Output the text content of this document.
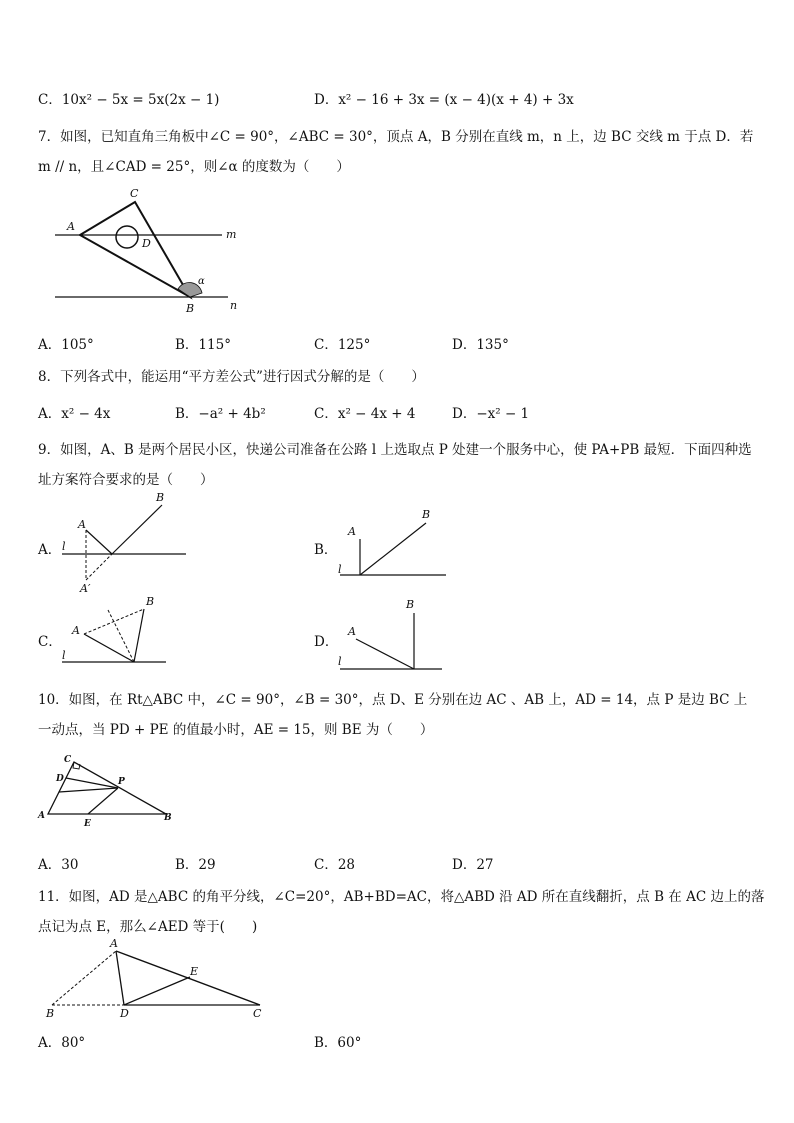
C．10x² − 5x = 5x(2x − 1)	D．x² − 16 + 3x = (x − 4)(x + 4) + 3x
7．如图，已知直角三角板中∠C = 90°，∠ABC = 30°，顶点 A，B 分别在直线 m，n 上，边 BC 交线 m 于点 D．若
m // n，且∠CAD = 25°，则∠α 的度数为（　　）
A
C
D
m
α
B	n
A．105°	B．115°	C．125°	D．135°
8．下列各式中，能运用“平方差公式”进行因式分解的是（　　）
A．x² − 4x	B．−a² + 4b²	C．x² − 4x + 4	D．−x² − 1
9．如图，A、B 是两个居民小区，快递公司准备在公路 l 上选取点 P 处建一个服务中心，使 PA+PB 最短．下面四种选
址方案符合要求的是（　　）
A．
A
B
l
A′
B．
A
B
l
C．
A
B
l
D．
A
B
l
10．如图，在 Rt△ABC 中，∠C = 90°，∠B = 30°，点 D、E 分别在边 AC 、AB 上，AD = 14，点 P 是边 BC 上
一动点，当 PD + PE 的值最小时，AE = 15，则 BE 为（　　）
C
D	P
A
E
B
A．30	B．29	C．28	D．27
11．如图，AD 是△ABC 的角平分线，∠C=20°，AB+BD=AC，将△ABD 沿 AD 所在直线翻折，点 B 在 AC 边上的落
点记为点 E，那么∠AED 等于(　　)
A
E
B	D	C
A．80°	B．60°
